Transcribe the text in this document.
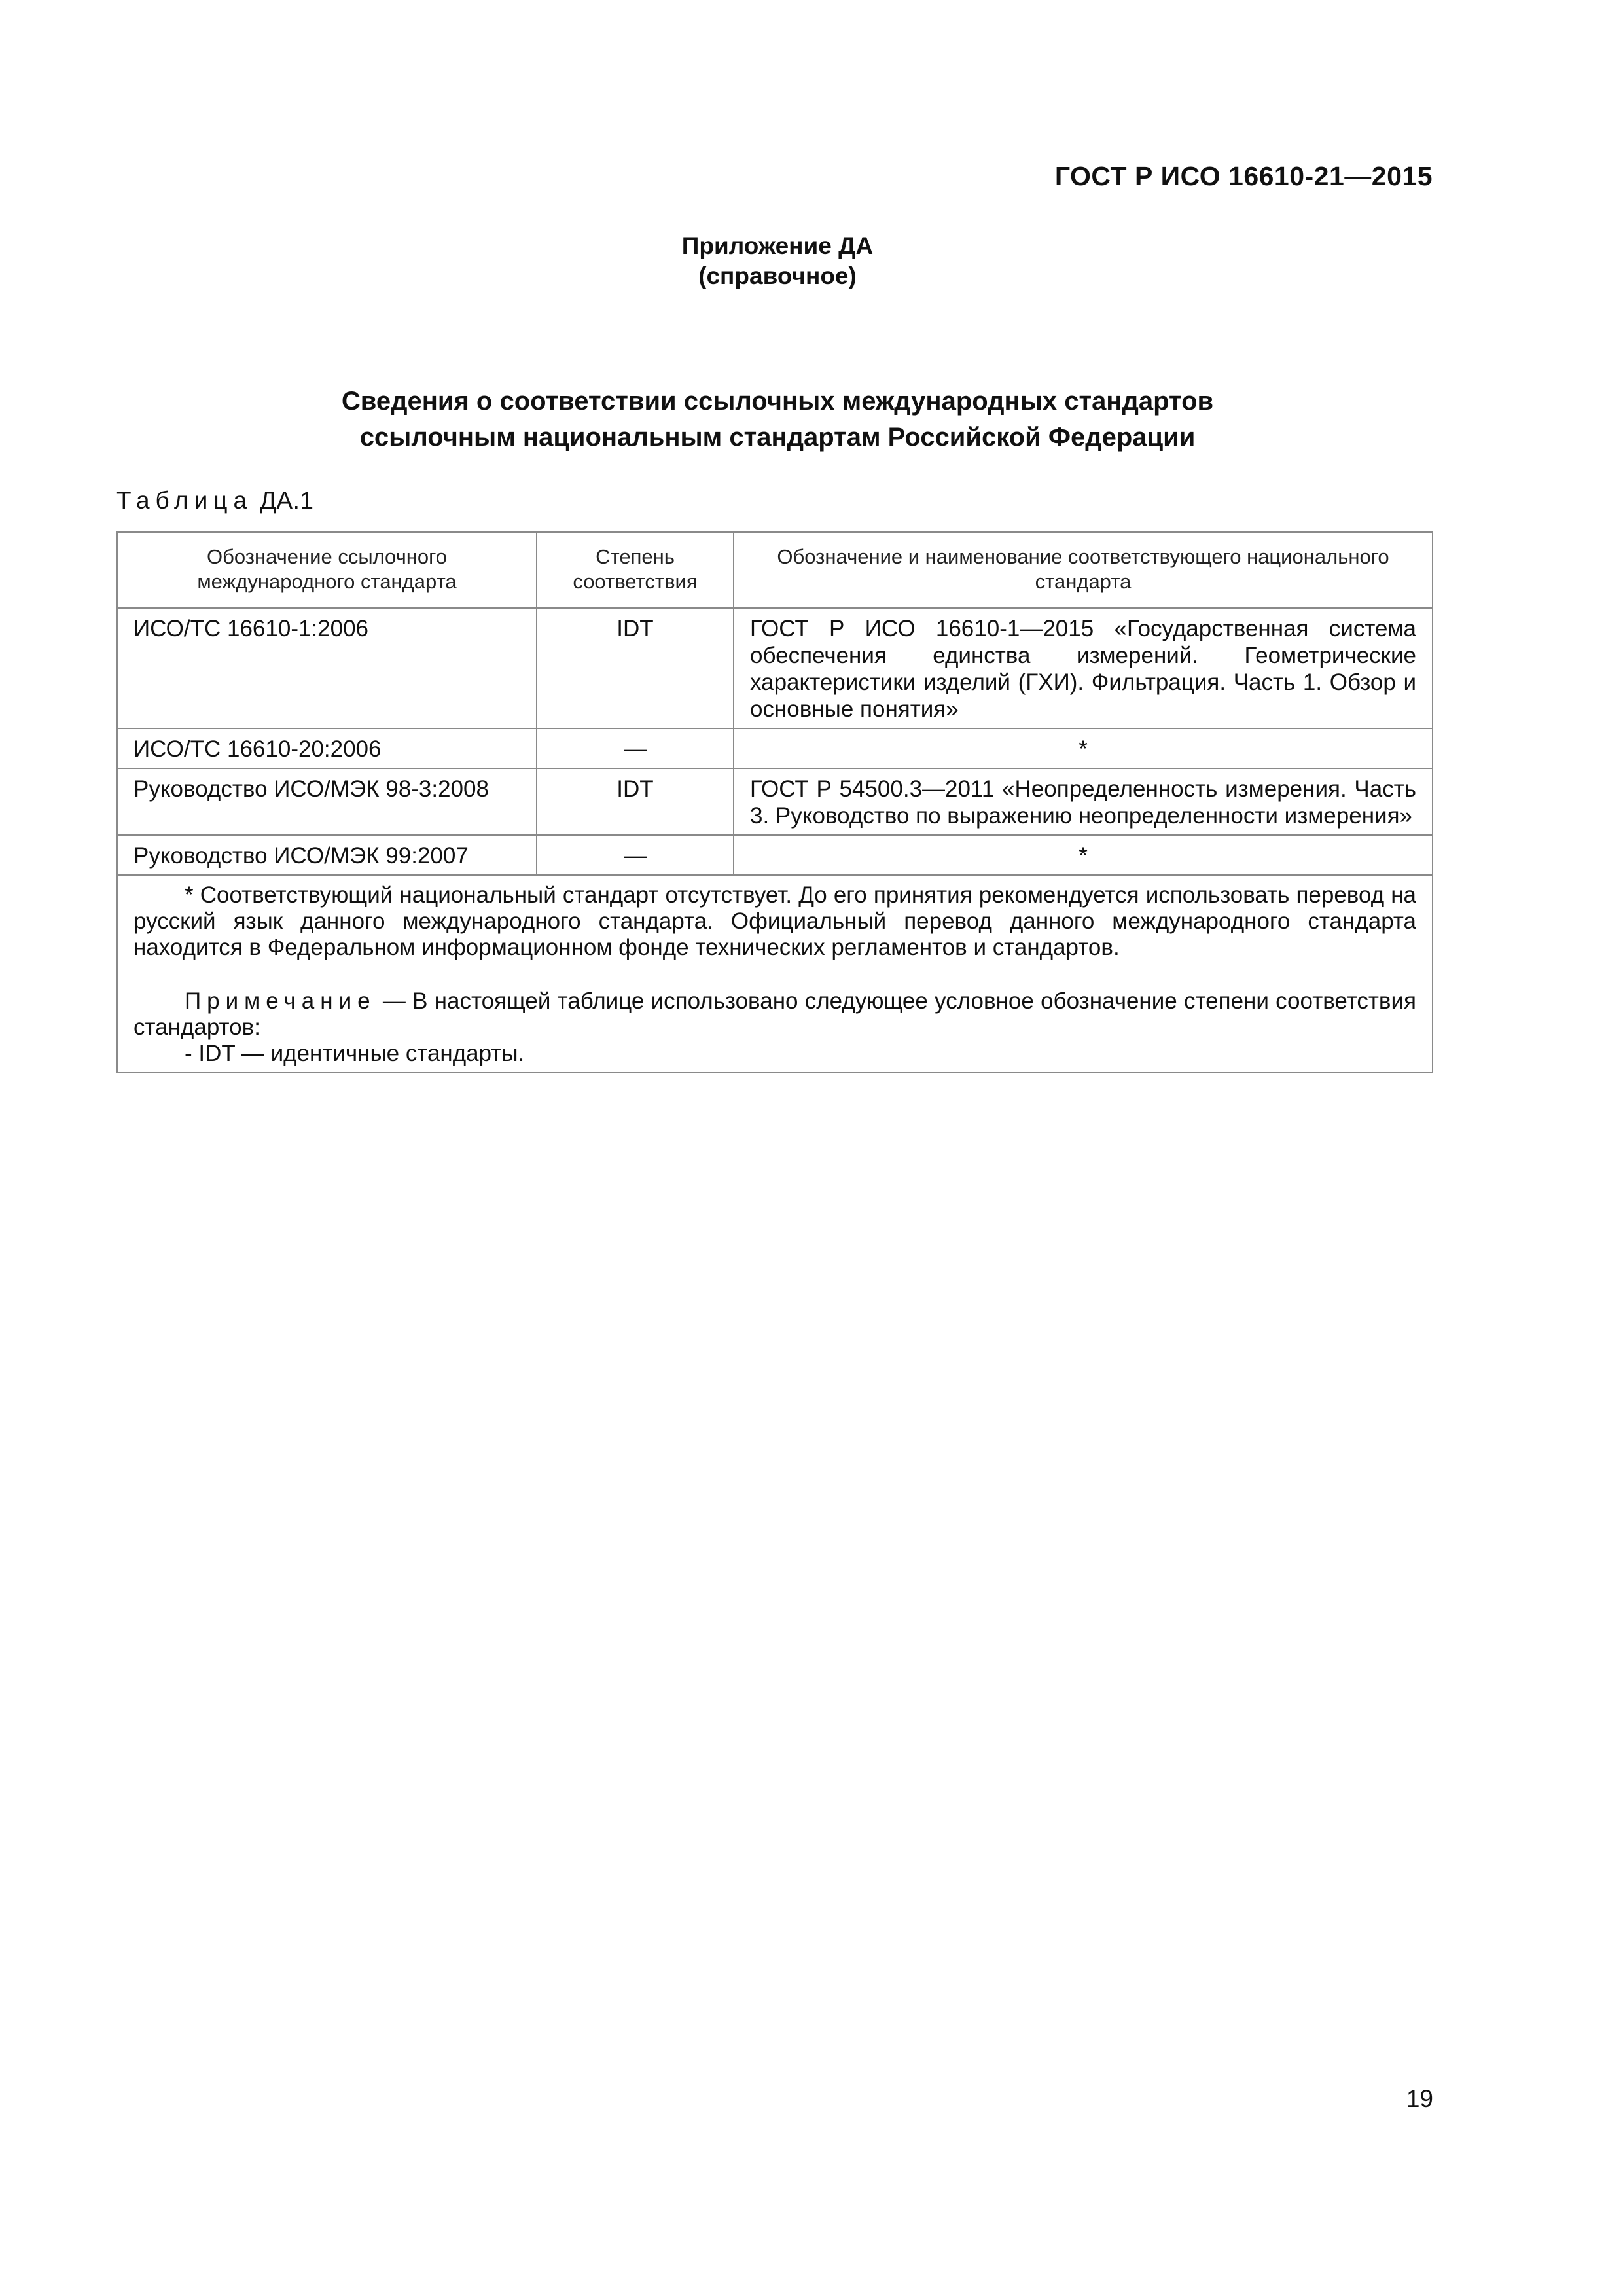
ГОСТ Р ИСО 16610-21—2015
Приложение ДА
(справочное)
Сведения о соответствии ссылочных международных стандартов
ссылочным национальным стандартам Российской Федерации
Таблица ДА.1
Обозначение ссылочного международного стандарта	Степень соответствия	Обозначение и наименование соответствующего национального стандарта
ИСО/ТС 16610-1:2006	IDT	ГОСТ Р ИСО 16610-1—2015 «Государственная система обеспечения единства измерений. Геометрические характеристики изделий (ГХИ). Фильтрация. Часть 1. Обзор и основные понятия»
ИСО/ТС 16610-20:2006	—	*
Руководство ИСО/МЭК 98-3:2008	IDT	ГОСТ Р 54500.3—2011 «Неопределенность измерения. Часть 3. Руководство по выражению неопределенности измерения»
Руководство ИСО/МЭК 99:2007	—	*

* Соответствующий национальный стандарт отсутствует. До его принятия рекомендуется использовать перевод на русский язык данного международного стандарта. Официальный перевод данного международного стандарта находится в Федеральном информационном фонде технических регламентов и стандартов.

Примечание — В настоящей таблице использовано следующее условное обозначение степени соответствия стандартов:

- IDT — идентичные стандарты.		

19
